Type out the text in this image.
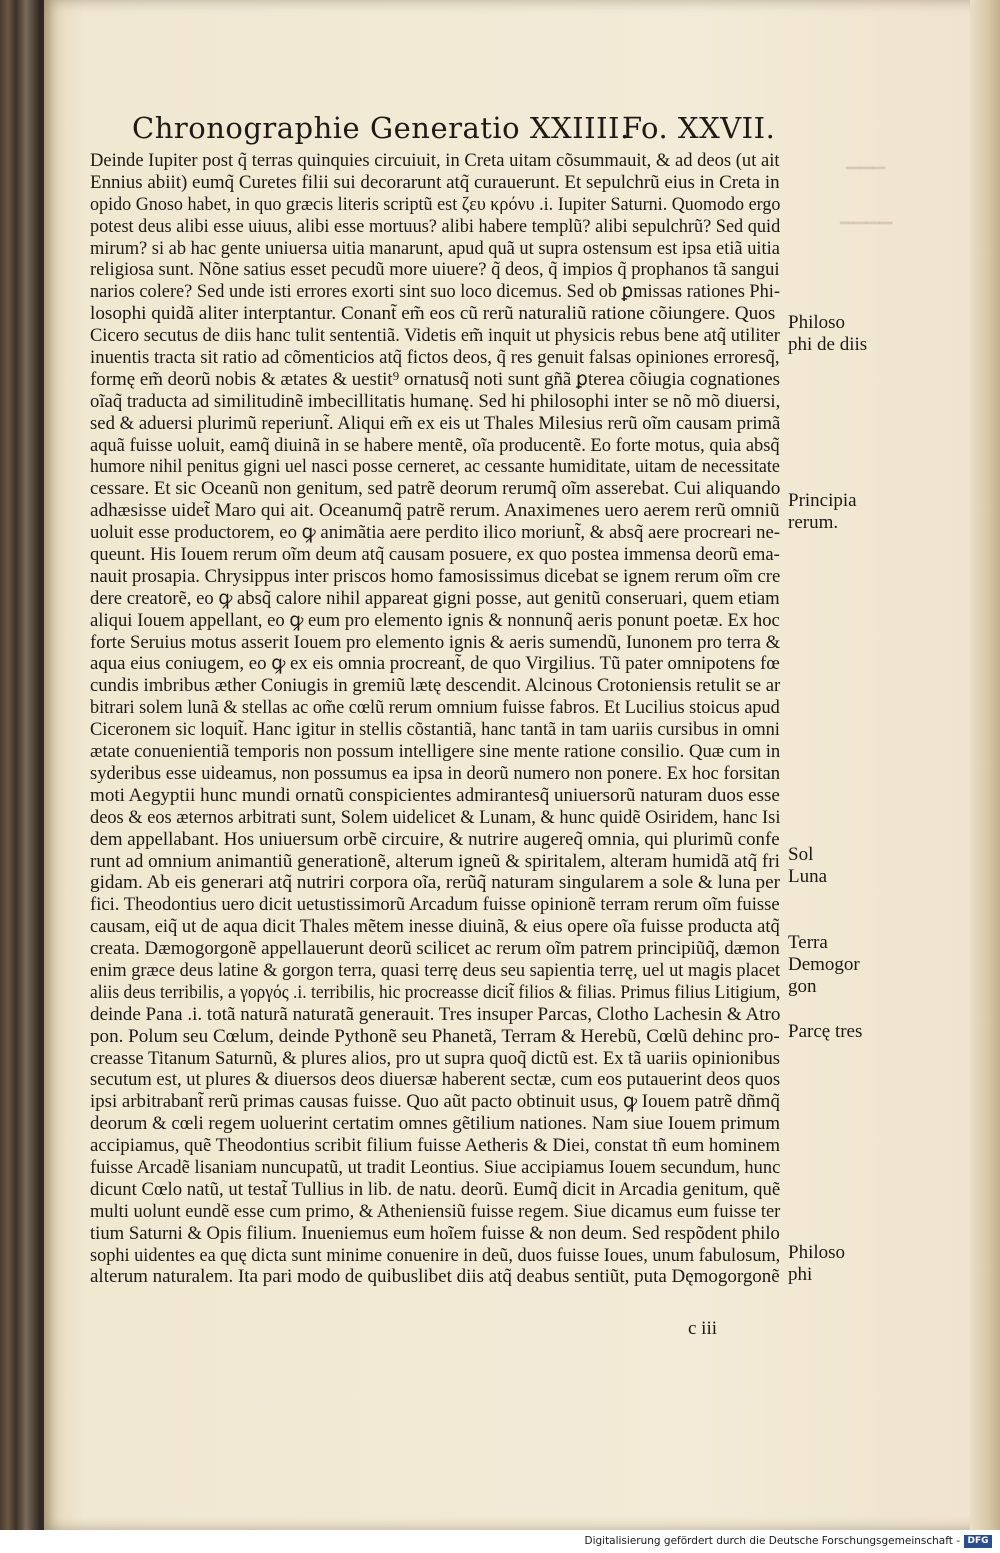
▁▁▁
▁▁▁▁
Chronographie Generatio XXIIII.
Fo. XXVII.
Deinde Iupiter post q̃ terras quinquies circuiuit, in Creta uitam cõsummauit, & ad deos (ut ait
Ennius abiit) eumq̃ Curetes filii sui decorarunt atq̃ curauerunt. Et sepulchrũ eius in Creta in
opido Gnoso habet, in quo græcis literis scriptũ est ζευ κρόνυ .i. Iupiter Saturni. Quomodo ergo
potest deus alibi esse uiuus, alibi esse mortuus? alibi habere templũ? alibi sepulchrũ? Sed quid
mirum? si ab hac gente uniuersa uitia manarunt, apud quã ut supra ostensum est ipsa etiã uitia
religiosa sunt. Nõne satius esset pecudũ more uiuere? q̃ deos, q̃ impios q̃ prophanos tã sangui
narios colere? Sed unde isti errores exorti sint suo loco dicemus. Sed ob ꝑmissas rationes Phi-
losophi quidã aliter interptantur. Conant̃ em̃ eos cũ rerũ naturaliũ ratione cõiungere. Quos
Cicero secutus de diis hanc tulit sententiã. Videtis em̃ inquit ut physicis rebus bene atq̃ utiliter
inuentis tracta sit ratio ad cõmenticios atq̃ fictos deos, q̃ res genuit falsas opiniones erroresq̃,
formę em̃ deorũ nobis & ætates & uestit⁹ ornatusq̃ noti sunt gñã ꝑterea cõiugia cognationes
oĩaq̃ traducta ad similitudinẽ imbecillitatis humanę. Sed hi philosophi inter se nõ mõ diuersi,
sed & aduersi plurimũ reperiunt̃. Aliqui em̃ ex eis ut Thales Milesius rerũ oĩm causam primã
aquã fuisse uoluit, eamq̃ diuinã in se habere mentẽ, oĩa producentẽ. Eo forte motus, quia absq̃
humore nihil penitus gigni uel nasci posse cerneret, ac cessante humiditate, uitam de necessitate
cessare. Et sic Oceanũ non genitum, sed patrẽ deorum rerumq̃ oĩm asserebat. Cui aliquando
adhæsisse uidet̃ Maro qui ait. Oceanumq̃ patrẽ rerum. Anaximenes uero aerem rerũ omniũ
uoluit esse productorem, eo ꝙ animãtia aere perdito ilico moriunt̃, & absq̃ aere procreari ne-
queunt. His Iouem rerum oĩm deum atq̃ causam posuere, ex quo postea immensa deorũ ema-
nauit prosapia. Chrysippus inter priscos homo famosissimus dicebat se ignem rerum oĩm cre
dere creatorẽ, eo ꝙ absq̃ calore nihil appareat gigni posse, aut genitũ conseruari, quem etiam
aliqui Iouem appellant, eo ꝙ eum pro elemento ignis & nonnunq̃ aeris ponunt poetæ. Ex hoc
forte Seruius motus asserit Iouem pro elemento ignis & aeris sumendũ, Iunonem pro terra &
aqua eius coniugem, eo ꝙ ex eis omnia procreant̃, de quo Virgilius. Tũ pater omnipotens fœ
cundis imbribus æther Coniugis in gremiũ lætę descendit. Alcinous Crotoniensis retulit se ar
bitrari solem lunã & stellas ac om̃e cœlũ rerum omnium fuisse fabros. Et Lucilius stoicus apud
Ciceronem sic loquit̃. Hanc igitur in stellis cõstantiã, hanc tantã in tam uariis cursibus in omni
ætate conuenientiã temporis non possum intelligere sine mente ratione consilio. Quæ cum in
syderibus esse uideamus, non possumus ea ipsa in deorũ numero non ponere. Ex hoc forsitan
moti Aegyptii hunc mundi ornatũ conspicientes admirantesq̃ uniuersorũ naturam duos esse
deos & eos æternos arbitrati sunt, Solem uidelicet & Lunam, & hunc quidẽ Osiridem, hanc Isi
dem appellabant. Hos uniuersum orbẽ circuire, & nutrire augereq̃ omnia, qui plurimũ confe
runt ad omnium animantiũ generationẽ, alterum igneũ & spiritalem, alteram humidã atq̃ fri
gidam. Ab eis generari atq̃ nutriri corpora oĩa, rerũq̃ naturam singularem a sole & luna per
fici. Theodontius uero dicit uetustissimorũ Arcadum fuisse opinionẽ terram rerum oĩm fuisse
causam, eiq̃ ut de aqua dicit Thales mẽtem inesse diuinã, & eius opere oĩa fuisse producta atq̃
creata. Dæmogorgonẽ appellauerunt deorũ scilicet ac rerum oĩm patrem principiũq̃, dæmon
enim græce deus latine & gorgon terra, quasi terrę deus seu sapientia terrę, uel ut magis placet
aliis deus terribilis, a γοργός .i. terribilis, hic procreasse dicit̃ filios & filias. Primus filius Litigium,
deinde Pana .i. totã naturã naturatã generauit. Tres insuper Parcas, Clotho Lachesin & Atro
pon. Polum seu Cœlum, deinde Pythonẽ seu Phanetã, Terram & Herebũ, Cœlũ dehinc pro-
creasse Titanum Saturnũ, & plures alios, pro ut supra quoq̃ dictũ est. Ex tã uariis opinionibus
secutum est, ut plures & diuersos deos diuersæ haberent sectæ, cum eos putauerint deos quos
ipsi arbitrabant̃ rerũ primas causas fuisse. Quo aũt pacto obtinuit usus, ꝙ Iouem patrẽ dñmq̃
deorum & cœli regem uoluerint certatim omnes gẽtilium nationes. Nam siue Iouem primum
accipiamus, quẽ Theodontius scribit filium fuisse Aetheris & Diei, constat tñ eum hominem
fuisse Arcadẽ lisaniam nuncupatũ, ut tradit Leontius. Siue accipiamus Iouem secundum, hunc
dicunt Cœlo natũ, ut testat̃ Tullius in lib. de natu. deorũ. Eumq̃ dicit in Arcadia genitum, quẽ
multi uolunt eundẽ esse cum primo, & Atheniensiũ fuisse regem. Siue dicamus eum fuisse ter
tium Saturni & Opis filium. Inueniemus eum hoĩem fuisse & non deum. Sed respõdent philo
sophi uidentes ea quę dicta sunt minime conuenire in deũ, duos fuisse Ioues, unum fabulosum,
alterum naturalem. Ita pari modo de quibuslibet diis atq̃ deabus sentiũt, puta Dęmogorgonẽ
Philoso
phi de diis
Principia
rerum.
Sol
Luna
Terra
Demogor
gon
Parcę tres
Philoso
phi
c iii
Digitalisierung gefördert durch die Deutsche Forschungsgemeinschaft - DFG
